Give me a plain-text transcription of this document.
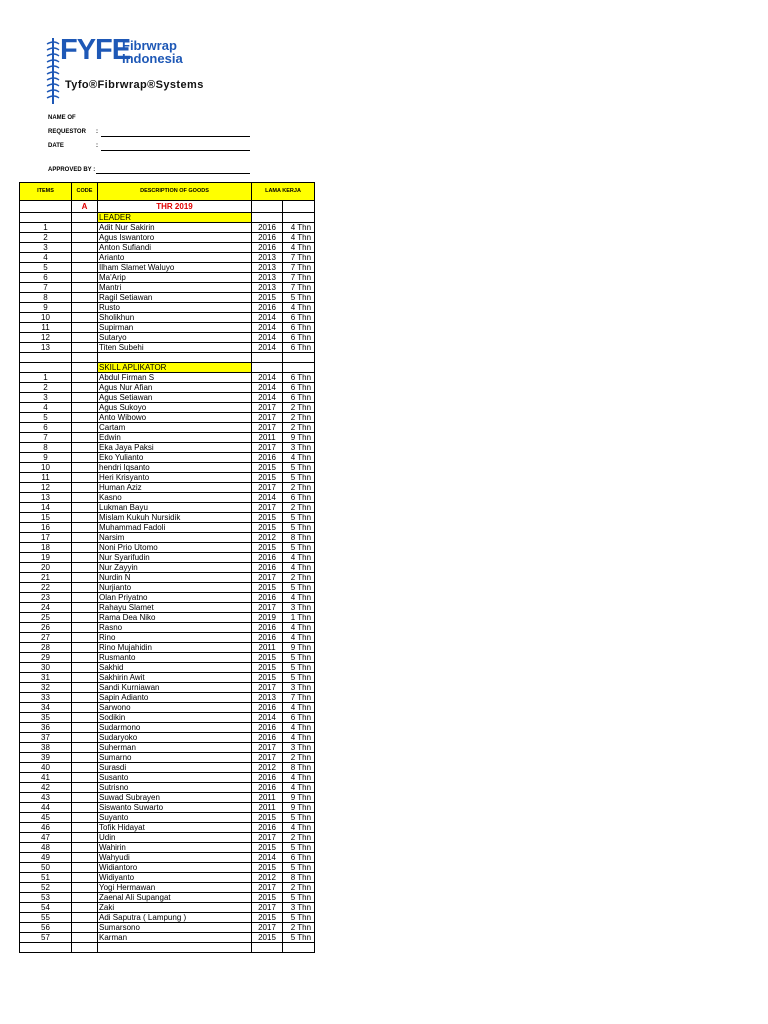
FYFE
Fibrwrap
Indonesia
Tyfo®Fibrwrap®Systems
NAME OF
REQUESTOR :
DATE	:
APPROVED BY :
ITEMS	CODE	DESCRIPTION OF GOODS	LAMA KERJA	
	A	THR 2019		
		LEADER		
1		Adit Nur Sakirin	2016	4 Thn
2		Agus Iswantoro	2016	4 Thn
3		Anton Sufiandi	2016	4 Thn
4		Arianto	2013	7 Thn
5		Ilham Slamet Waluyo	2013	7 Thn
6		Ma'Arip	2013	7 Thn
7		Mantri	2013	7 Thn
8		Ragil Setiawan	2015	5 Thn
9		Rusto	2016	4 Thn
10		Sholikhun	2014	6 Thn
11		Supirman	2014	6 Thn
12		Sutaryo	2014	6 Thn
13		Titen Subehi	2014	6 Thn

		SKILL APLIKATOR		
1		Abdul Firman S	2014	6 Thn
2		Agus Nur Afian	2014	6 Thn
3		Agus Setiawan	2014	6 Thn
4		Agus Sukoyo	2017	2 Thn
5		Anto Wibowo	2017	2 Thn
6		Cartam	2017	2 Thn
7		Edwin	2011	9 Thn
8		Eka Jaya Paksi	2017	3 Thn
9		Eko Yulianto	2016	4 Thn
10		hendri Iqsanto	2015	5 Thn
11		Heri Krisyanto	2015	5 Thn
12		Human Aziz	2017	2 Thn
13		Kasno	2014	6 Thn
14		Lukman Bayu	2017	2 Thn
15		Mislam Kukuh Nursidik	2015	5 Thn
16		Muhammad Fadoli	2015	5 Thn
17		Narsim	2012	8 Thn
18		Noni Prio Utomo	2015	5 Thn
19		Nur Syarifudin	2016	4 Thn
20		Nur Zayyin	2016	4 Thn
21		Nurdin N	2017	2 Thn
22		Nurjianto	2015	5 Thn
23		Olan Priyatno	2016	4 Thn
24		Rahayu Slamet	2017	3 Thn
25		Rama Dea Niko	2019	1 Thn
26		Rasno	2016	4 Thn
27		Rino	2016	4 Thn
28		Rino Mujahidin	2011	9 Thn
29		Rusmanto	2015	5 Thn
30		Sakhid	2015	5 Thn
31		Sakhirin Awit	2015	5 Thn
32		Sandi Kurniawan	2017	3 Thn
33		Sapin Adianto	2013	7 Thn
34		Sarwono	2016	4 Thn
35		Sodikin	2014	6 Thn
36		Sudarmono	2016	4 Thn
37		Sudaryoko	2016	4 Thn
38		Suherman	2017	3 Thn
39		Sumarno	2017	2 Thn
40		Surasdi	2012	8 Thn
41		Susanto	2016	4 Thn
42		Sutrisno	2016	4 Thn
43		Suwad Subrayen	2011	9 Thn
44		Siswanto Suwarto	2011	9 Thn
45		Suyanto	2015	5 Thn
46		Tofik Hidayat	2016	4 Thn
47		Udin	2017	2 Thn
48		Wahirin	2015	5 Thn
49		Wahyudi	2014	6 Thn
50		Widiantoro	2015	5 Thn
51		Widiyanto	2012	8 Thn
52		Yogi Hermawan	2017	2 Thn
53		Zaenal Ali Supangat	2015	5 Thn
54		Zaki	2017	3 Thn
55		Adi Saputra ( Lampung )	2015	5 Thn
56		Sumarsono	2017	2 Thn
57		Karman	2015	5 Thn
